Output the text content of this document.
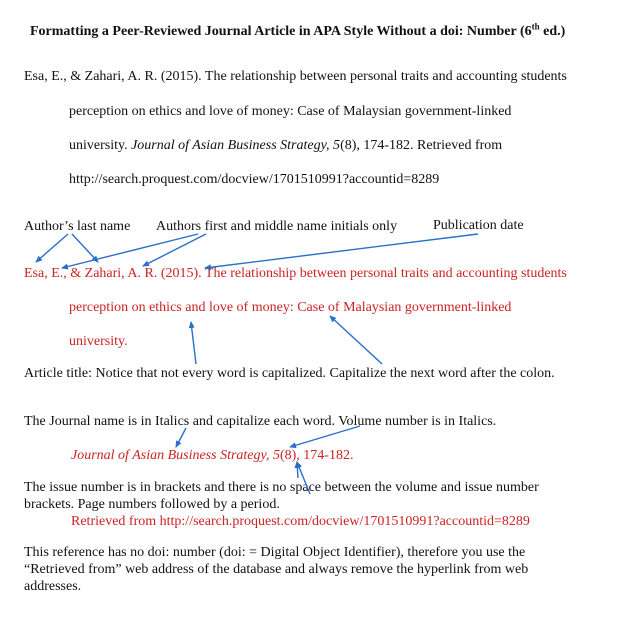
Formatting a Peer-Reviewed Journal Article in APA Style Without a doi: Number (6th ed.)
Esa, E., & Zahari, A. R. (2015). The relationship between personal traits and accounting students
perception on ethics and love of money: Case of Malaysian government-linked
university. Journal of Asian Business Strategy, 5(8), 174-182. Retrieved from
http://search.proquest.com/docview/1701510991?accountid=8289
Author’s last name Authors first and middle name initials only	Publication date
Esa, E., & Zahari, A. R. (2015). The relationship between personal traits and accounting students
perception on ethics and love of money: Case of Malaysian government-linked
university.
Article title: Notice that not every word is capitalized. Capitalize the next word after the colon.
The Journal name is in Italics and capitalize each word. Volume number is in Italics.
Journal of Asian Business Strategy, 5(8), 174-182.
The issue number is in brackets and there is no space between the volume and issue number
brackets. Page numbers followed by a period.
Retrieved from http://search.proquest.com/docview/1701510991?accountid=8289
This reference has no doi: number (doi: = Digital Object Identifier), therefore you use the
“Retrieved from” web address of the database and always remove the hyperlink from web
addresses.
